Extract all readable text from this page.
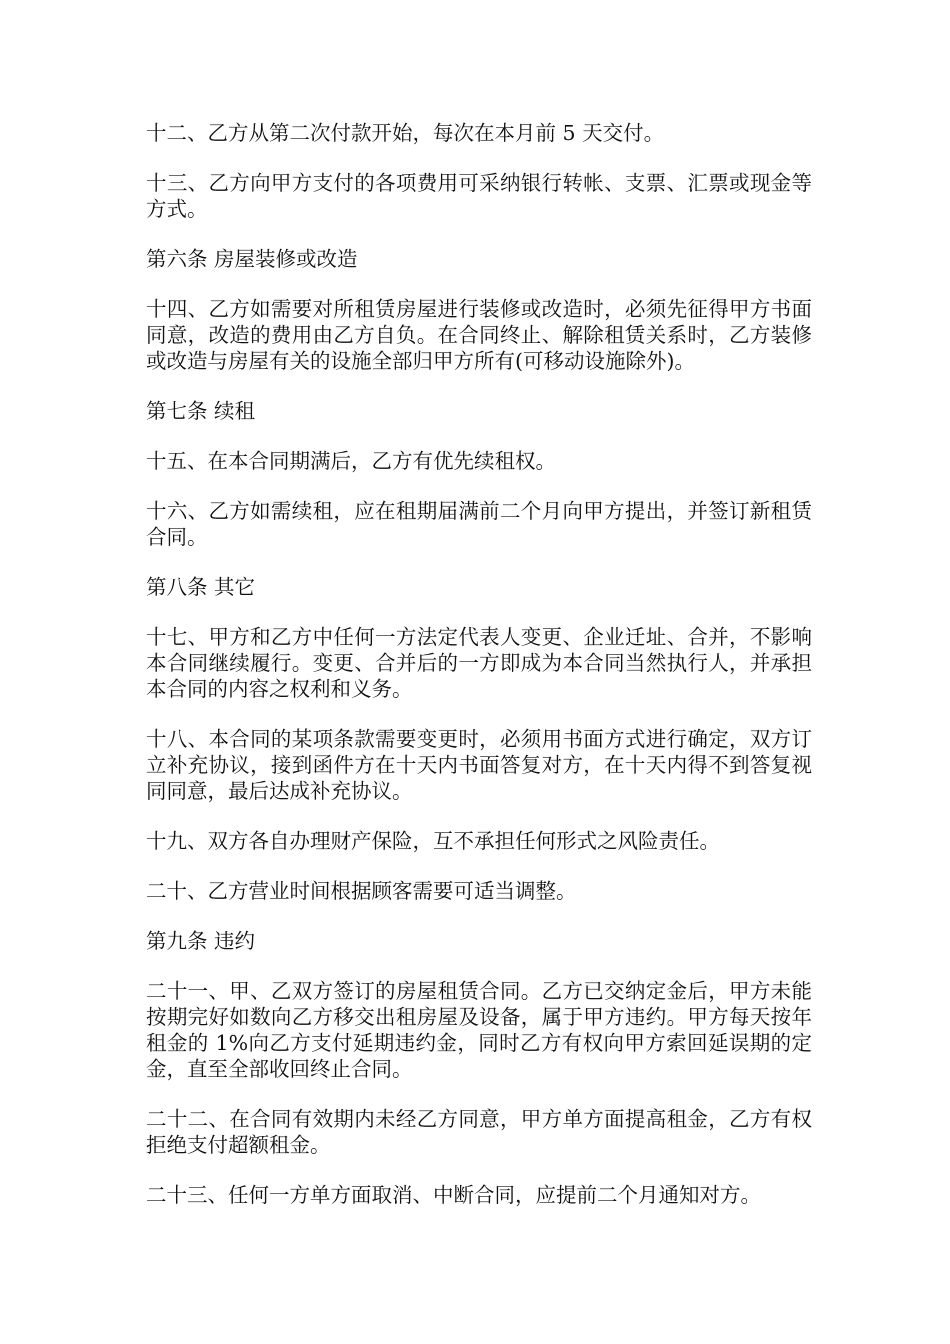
十二、乙方从第二次付款开始，每次在本月前 5 天交付。

十三、乙方向甲方支付的各项费用可采纳银行转帐、支票、汇票或现金等方式。

第六条 房屋装修或改造

十四、乙方如需要对所租赁房屋进行装修或改造时，必须先征得甲方书面同意，改造的费用由乙方自负。在合同终止、解除租赁关系时，乙方装修或改造与房屋有关的设施全部归甲方所有(可移动设施除外)。

第七条 续租

十五、在本合同期满后，乙方有优先续租权。

十六、乙方如需续租，应在租期届满前二个月向甲方提出，并签订新租赁合同。

第八条 其它

十七、甲方和乙方中任何一方法定代表人变更、企业迁址、合并，不影响本合同继续履行。变更、合并后的一方即成为本合同当然执行人，并承担本合同的内容之权利和义务。

十八、本合同的某项条款需要变更时，必须用书面方式进行确定，双方订立补充协议，接到函件方在十天内书面答复对方，在十天内得不到答复视同同意，最后达成补充协议。

十九、双方各自办理财产保险，互不承担任何形式之风险责任。

二十、乙方营业时间根据顾客需要可适当调整。

第九条 违约

二十一、甲、乙双方签订的房屋租赁合同。乙方已交纳定金后，甲方未能按期完好如数向乙方移交出租房屋及设备，属于甲方违约。甲方每天按年租金的 1%向乙方支付延期违约金，同时乙方有权向甲方索回延误期的定金，直至全部收回终止合同。

二十二、在合同有效期内未经乙方同意，甲方单方面提高租金，乙方有权拒绝支付超额租金。

二十三、任何一方单方面取消、中断合同，应提前二个月通知对方。
